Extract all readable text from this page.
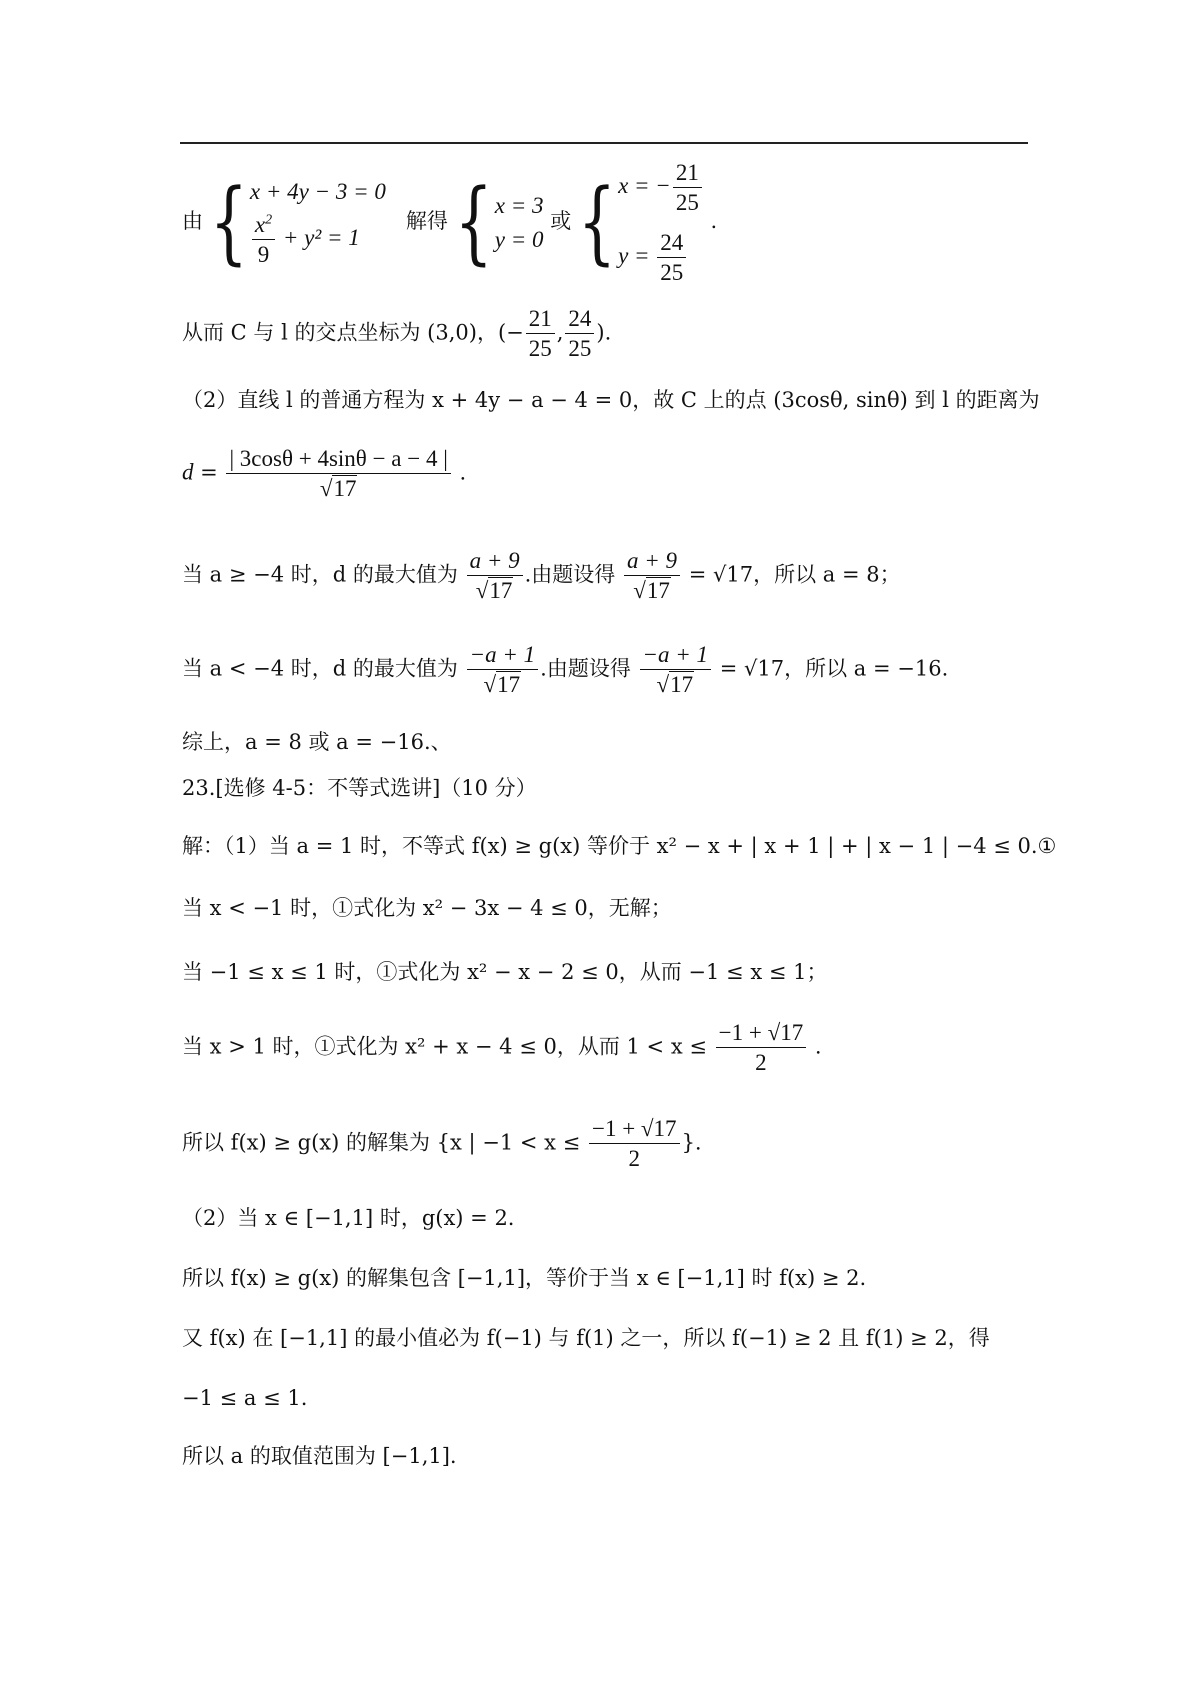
由 { x + 4y − 3 = 0
$\frac{x^2}{9} + y^2 = 1$
解得 { x = 3
y = 0
或 { x = − $\frac{21}{25}$
$y = \frac{24}{25}$
.
从而 C 与 l 的交点坐标为 (3,0)，(− $\frac{21}{25}$ , $\frac{24}{25}$ ).
（2）直线 l 的普通方程为 x + 4y − a − 4 = 0，故 C 上的点 (3cosθ, sinθ) 到 l 的距离为
$d = \frac{| 3\cos\theta + 4\sin\theta - a - 4 |}{√17}$ .
当 a ≥ −4 时，d 的最大值为 $\frac{a + 9}{√17}$ .由题设得 $\frac{a + 9}{√17} = √17$，所以 a = 8；
当 a < −4 时，d 的最大值为 $\frac{-a + 1}{√17}$ .由题设得 $\frac{-a + 1}{√17} = √17$，所以 a = −16.
综上，a = 8 或 a = −16.、
23.[选修 4-5：不等式选讲]（10 分）
解：（1）当 a = 1 时，不等式 f(x) ≥ g(x) 等价于 x² − x + | x + 1 | + | x − 1 | −4 ≤ 0.①
当 x < −1 时，①式化为 x² − 3x − 4 ≤ 0，无解；
当 −1 ≤ x ≤ 1 时，①式化为 x² − x − 2 ≤ 0，从而 −1 ≤ x ≤ 1；
当 x > 1 时，①式化为 x² + x − 4 ≤ 0，从而 $1 < x \le \frac{-1 + √17}{2}$ .
所以 f(x) ≥ g(x) 的解集为 {x | $-1 < x \le \frac{-1 + √17}{2}$ }.
（2）当 x ∈ [−1,1] 时，g(x) = 2.
所以 f(x) ≥ g(x) 的解集包含 [−1,1]，等价于当 x ∈ [−1,1] 时 f(x) ≥ 2.
又 f(x) 在 [−1,1] 的最小值必为 f(−1) 与 f(1) 之一，所以 f(−1) ≥ 2 且 f(1) ≥ 2，得
−1 ≤ a ≤ 1.
所以 a 的取值范围为 [−1,1].
